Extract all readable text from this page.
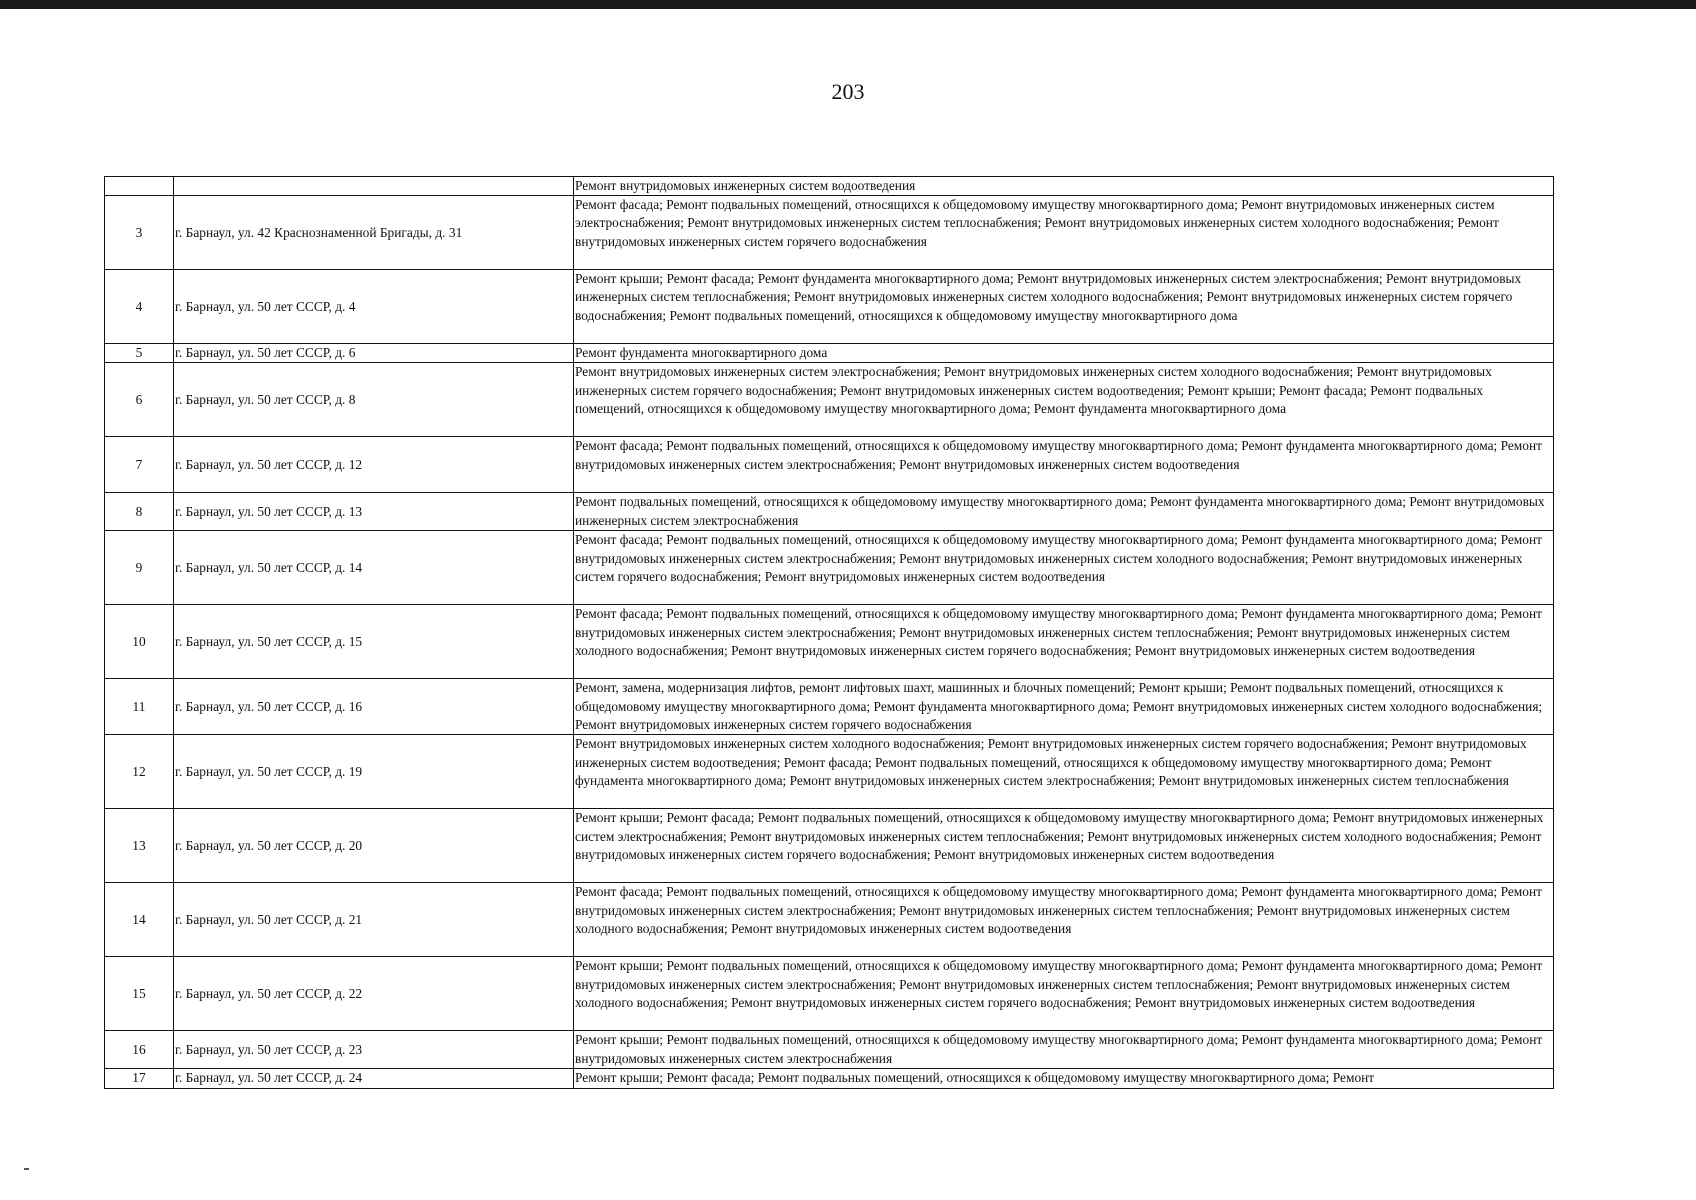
203
		Ремонт внутридомовых инженерных систем водоотведения
3	г. Барнаул, ул. 42 Краснознаменной Бригады, д. 31	Ремонт фасада; Ремонт подвальных помещений, относящихся к общедомовому имуществу многоквартирного дома; Ремонт внутридомовых инженерных систем электроснабжения; Ремонт внутридомовых инженерных систем теплоснабжения; Ремонт внутридомовых инженерных систем холодного водоснабжения; Ремонт внутридомовых инженерных систем горячего водоснабжения
4	г. Барнаул, ул. 50 лет СССР, д. 4	Ремонт крыши; Ремонт фасада; Ремонт фундамента многоквартирного дома; Ремонт внутридомовых инженерных систем электроснабжения; Ремонт внутридомовых инженерных систем теплоснабжения; Ремонт внутридомовых инженерных систем холодного водоснабжения; Ремонт внутридомовых инженерных систем горячего водоснабжения; Ремонт подвальных помещений, относящихся к общедомовому имуществу многоквартирного дома
5	г. Барнаул, ул. 50 лет СССР, д. 6	Ремонт фундамента многоквартирного дома
6	г. Барнаул, ул. 50 лет СССР, д. 8	Ремонт внутридомовых инженерных систем электроснабжения; Ремонт внутридомовых инженерных систем холодного водоснабжения; Ремонт внутридомовых инженерных систем горячего водоснабжения; Ремонт внутридомовых инженерных систем водоотведения; Ремонт крыши; Ремонт фасада; Ремонт подвальных помещений, относящихся к общедомовому имуществу многоквартирного дома; Ремонт фундамента многоквартирного дома
7	г. Барнаул, ул. 50 лет СССР, д. 12	Ремонт фасада; Ремонт подвальных помещений, относящихся к общедомовому имуществу многоквартирного дома; Ремонт фундамента многоквартирного дома; Ремонт внутридомовых инженерных систем электроснабжения; Ремонт внутридомовых инженерных систем водоотведения
8	г. Барнаул, ул. 50 лет СССР, д. 13	Ремонт подвальных помещений, относящихся к общедомовому имуществу многоквартирного дома; Ремонт фундамента многоквартирного дома; Ремонт внутридомовых инженерных систем электроснабжения
9	г. Барнаул, ул. 50 лет СССР, д. 14	Ремонт фасада; Ремонт подвальных помещений, относящихся к общедомовому имуществу многоквартирного дома; Ремонт фундамента многоквартирного дома; Ремонт внутридомовых инженерных систем электроснабжения; Ремонт внутридомовых инженерных систем холодного водоснабжения; Ремонт внутридомовых инженерных систем горячего водоснабжения; Ремонт внутридомовых инженерных систем водоотведения
10	г. Барнаул, ул. 50 лет СССР, д. 15	Ремонт фасада; Ремонт подвальных помещений, относящихся к общедомовому имуществу многоквартирного дома; Ремонт фундамента многоквартирного дома; Ремонт внутридомовых инженерных систем электроснабжения; Ремонт внутридомовых инженерных систем теплоснабжения; Ремонт внутридомовых инженерных систем холодного водоснабжения; Ремонт внутридомовых инженерных систем горячего водоснабжения; Ремонт внутридомовых инженерных систем водоотведения
11	г. Барнаул, ул. 50 лет СССР, д. 16	Ремонт, замена, модернизация лифтов, ремонт лифтовых шахт, машинных и блочных помещений; Ремонт крыши; Ремонт подвальных помещений, относящихся к общедомовому имуществу многоквартирного дома; Ремонт фундамента многоквартирного дома; Ремонт внутридомовых инженерных систем холодного водоснабжения; Ремонт внутридомовых инженерных систем горячего водоснабжения
12	г. Барнаул, ул. 50 лет СССР, д. 19	Ремонт внутридомовых инженерных систем холодного водоснабжения; Ремонт внутридомовых инженерных систем горячего водоснабжения; Ремонт внутридомовых инженерных систем водоотведения; Ремонт фасада; Ремонт подвальных помещений, относящихся к общедомовому имуществу многоквартирного дома; Ремонт фундамента многоквартирного дома; Ремонт внутридомовых инженерных систем электроснабжения; Ремонт внутридомовых инженерных систем теплоснабжения
13	г. Барнаул, ул. 50 лет СССР, д. 20	Ремонт крыши; Ремонт фасада; Ремонт подвальных помещений, относящихся к общедомовому имуществу многоквартирного дома; Ремонт внутридомовых инженерных систем электроснабжения; Ремонт внутридомовых инженерных систем теплоснабжения; Ремонт внутридомовых инженерных систем холодного водоснабжения; Ремонт внутридомовых инженерных систем горячего водоснабжения; Ремонт внутридомовых инженерных систем водоотведения
14	г. Барнаул, ул. 50 лет СССР, д. 21	Ремонт фасада; Ремонт подвальных помещений, относящихся к общедомовому имуществу многоквартирного дома; Ремонт фундамента многоквартирного дома; Ремонт внутридомовых инженерных систем электроснабжения; Ремонт внутридомовых инженерных систем теплоснабжения; Ремонт внутридомовых инженерных систем холодного водоснабжения; Ремонт внутридомовых инженерных систем водоотведения
15	г. Барнаул, ул. 50 лет СССР, д. 22	Ремонт крыши; Ремонт подвальных помещений, относящихся к общедомовому имуществу многоквартирного дома; Ремонт фундамента многоквартирного дома; Ремонт внутридомовых инженерных систем электроснабжения; Ремонт внутридомовых инженерных систем теплоснабжения; Ремонт внутридомовых инженерных систем холодного водоснабжения; Ремонт внутридомовых инженерных систем горячего водоснабжения; Ремонт внутридомовых инженерных систем водоотведения
16	г. Барнаул, ул. 50 лет СССР, д. 23	Ремонт крыши; Ремонт подвальных помещений, относящихся к общедомовому имуществу многоквартирного дома; Ремонт фундамента многоквартирного дома; Ремонт внутридомовых инженерных систем электроснабжения
17	г. Барнаул, ул. 50 лет СССР, д. 24	Ремонт крыши; Ремонт фасада; Ремонт подвальных помещений, относящихся к общедомовому имуществу многоквартирного дома; Ремонт
